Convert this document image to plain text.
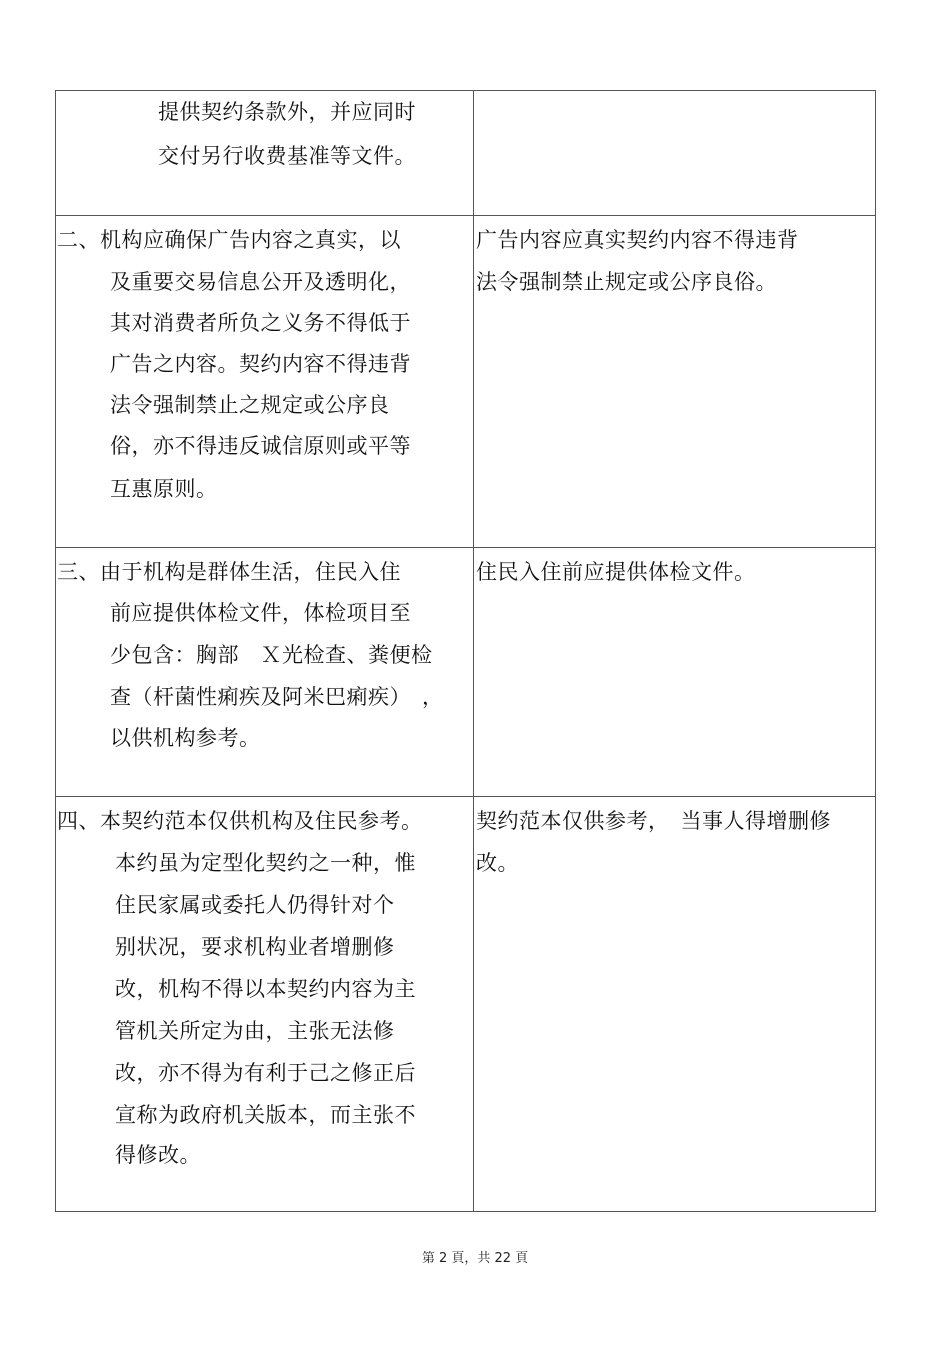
提供契约条款外，并应同时
交付另行收费基准等文件。
二、机构应确保广告内容之真实，以
及重要交易信息公开及透明化，
其对消费者所负之义务不得低于
广告之内容。契约内容不得违背
法令强制禁止之规定或公序良
俗，亦不得违反诚信原则或平等
互惠原则。
广告内容应真实契约内容不得违背
法令强制禁止规定或公序良俗。
三、由于机构是群体生活，住民入住
前应提供体检文件，体检项目至
少包含：胸部　Ｘ光检查、粪便检
查（杆菌性痢疾及阿米巴痢疾）　，
以供机构参考。
住民入住前应提供体检文件。
四、本契约范本仅供机构及住民参考。
本约虽为定型化契约之一种，惟
住民家属或委托人仍得针对个
别状况，要求机构业者增删修
改，机构不得以本契约内容为主
管机关所定为由，主张无法修
改，亦不得为有利于己之修正后
宣称为政府机关版本，而主张不
得修改。
契约范本仅供参考，　当事人得增删修
改。
第 2 頁，共 22 頁
